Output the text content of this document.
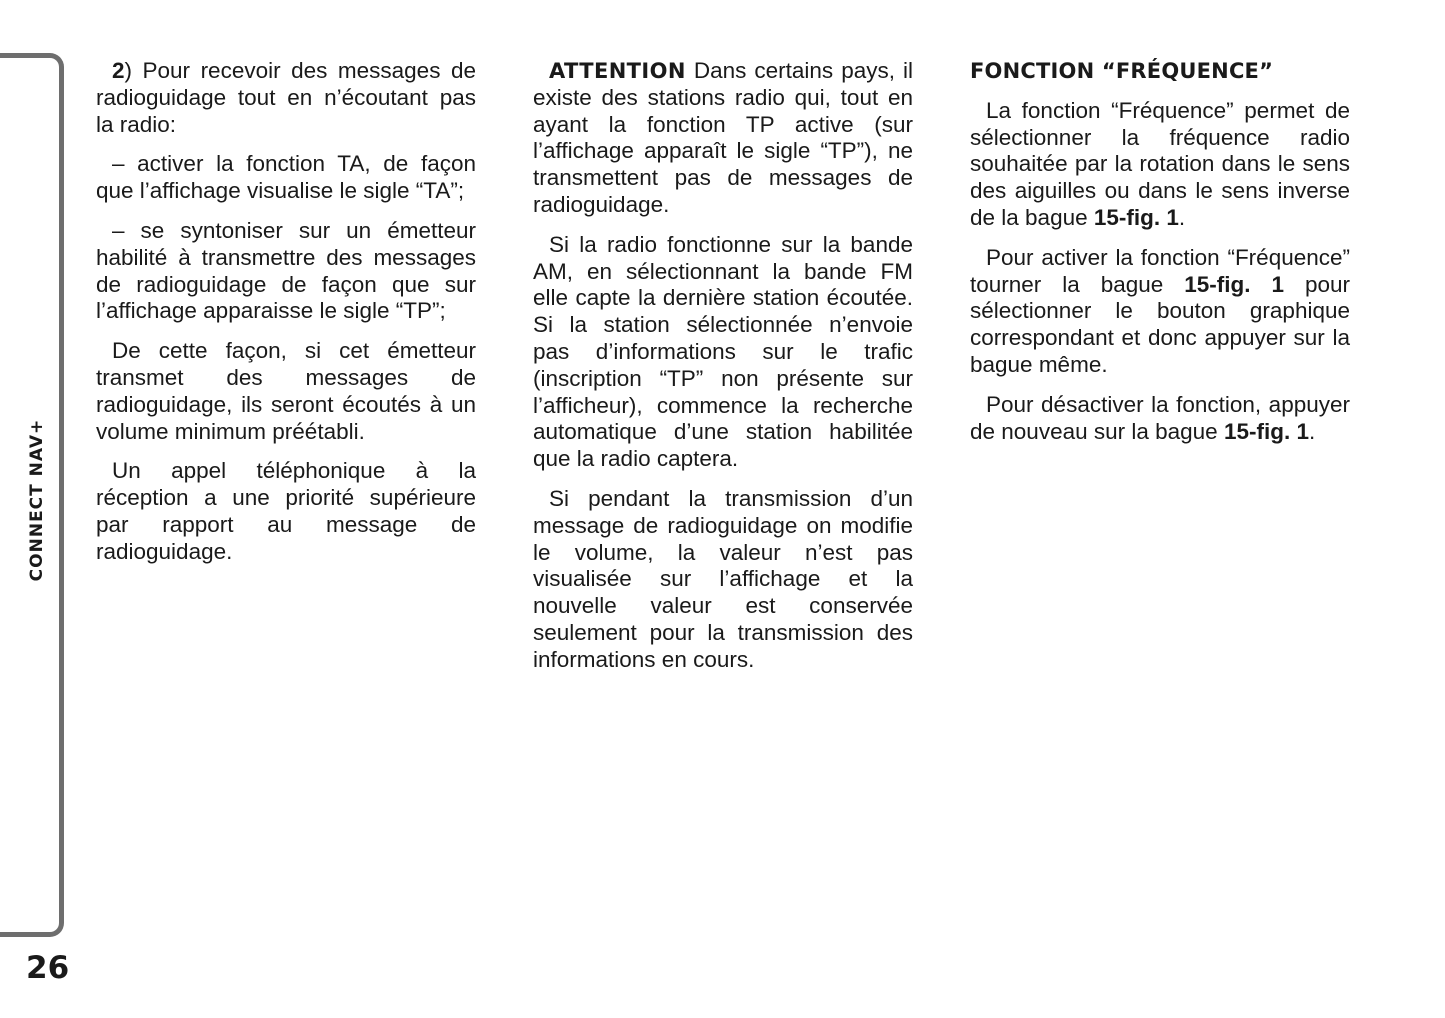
CONNECT NAV+
26

2) Pour recevoir des messages de radioguidage tout en n’écoutant pas la radio:

– activer la fonction TA, de façon que l’affichage visualise le sigle “TA”;

– se syntoniser sur un émetteur habilité à transmettre des messages de radioguidage de façon que sur l’affichage apparaisse le sigle “TP”;

De cette façon, si cet émetteur transmet des messages de radioguidage, ils seront écoutés à un volume minimum préétabli.

Un appel téléphonique à la réception a une priorité supérieure par rapport au message de radioguidage.

ATTENTION Dans certains pays, il existe des stations radio qui, tout en ayant la fonction TP active (sur l’affichage apparaît le sigle “TP”), ne transmettent pas de messages de radioguidage.

Si la radio fonctionne sur la bande AM, en sélectionnant la bande FM elle capte la dernière station écoutée. Si la station sélectionnée n’envoie pas d’informations sur le trafic (inscription “TP” non présente sur l’afficheur), commence la recherche automatique d’une station habilitée que la radio captera.

Si pendant la transmission d’un message de radioguidage on modifie le volume, la valeur n’est pas visualisée sur l’affichage et la nouvelle valeur est conservée seulement pour la transmission des informations en cours.

FONCTION “FRÉQUENCE”

La fonction “Fréquence” permet de sélectionner la fréquence radio souhaitée par la rotation dans le sens des aiguilles ou dans le sens inverse de la bague 15-fig. 1.

Pour activer la fonction “Fréquence” tourner la bague 15-fig. 1 pour sélectionner le bouton graphique correspondant et donc appuyer sur la bague même.

Pour désactiver la fonction, appuyer de nouveau sur la bague 15-fig. 1.
